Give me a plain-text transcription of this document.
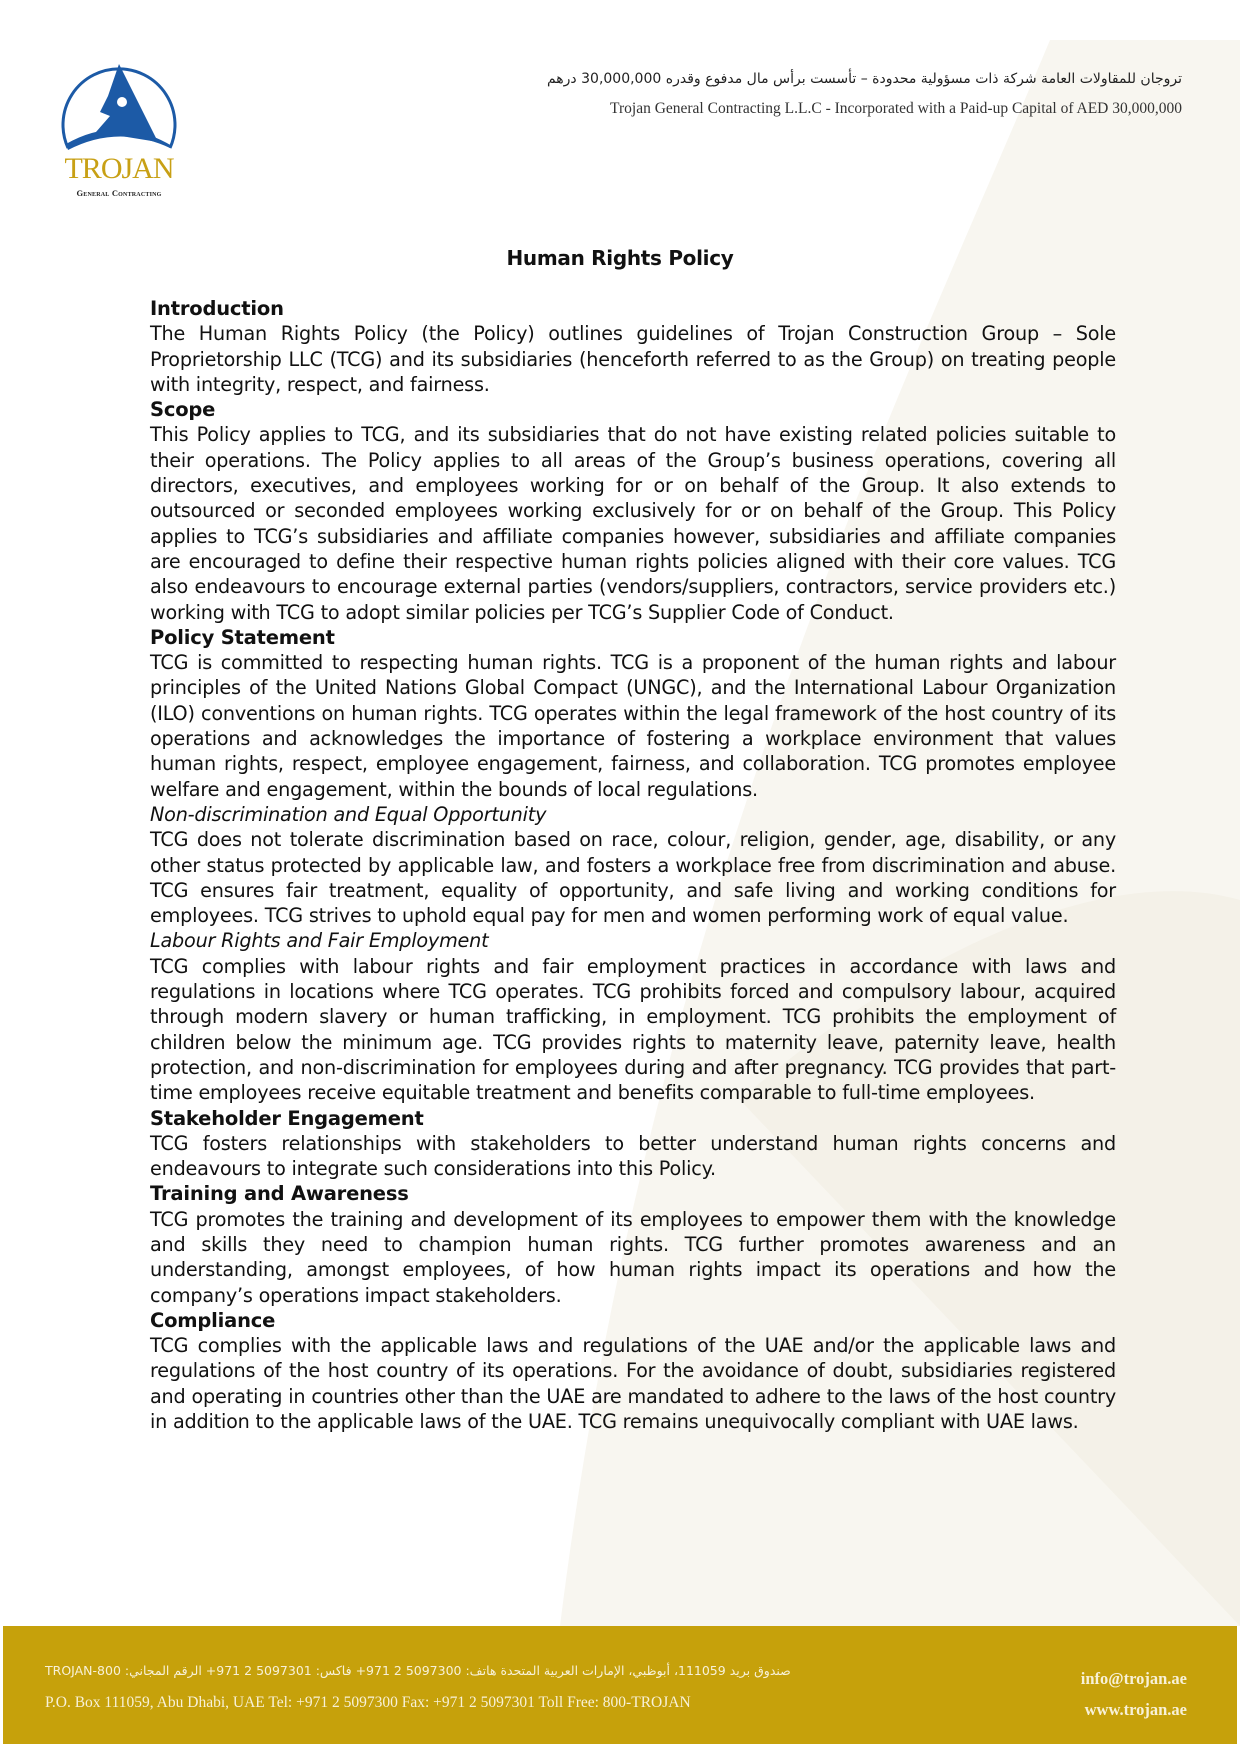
TROJAN
General Contracting
تروجان للمقاولات العامة شركة ذات مسؤولية محدودة – تأسست برأس مال مدفوع وقدره 30,000,000 درهم
Trojan General Contracting L.L.C - Incorporated with a Paid-up Capital of AED 30,000,000
Human Rights Policy
Introduction

The Human Rights Policy (the Policy) outlines guidelines of Trojan Construction Group – Sole Proprietorship LLC (TCG) and its subsidiaries (henceforth referred to as the Group) on treating people with integrity, respect, and fairness.

Scope

This Policy applies to TCG, and its subsidiaries that do not have existing related policies suitable to their operations. The Policy applies to all areas of the Group’s business operations, covering all directors, executives, and employees working for or on behalf of the Group. It also extends to outsourced or seconded employees working exclusively for or on behalf of the Group. This Policy applies to TCG’s subsidiaries and affiliate companies however, subsidiaries and affiliate companies are encouraged to define their respective human rights policies aligned with their core values. TCG also endeavours to encourage external parties (vendors/suppliers, contractors, service providers etc.) working with TCG to adopt similar policies per TCG’s Supplier Code of Conduct.

Policy Statement

TCG is committed to respecting human rights. TCG is a proponent of the human rights and labour principles of the United Nations Global Compact (UNGC), and the International Labour Organization (ILO) conventions on human rights. TCG operates within the legal framework of the host country of its operations and acknowledges the importance of fostering a workplace environment that values human rights, respect, employee engagement, fairness, and collaboration. TCG promotes employee welfare and engagement, within the bounds of local regulations.

Non-discrimination and Equal Opportunity

TCG does not tolerate discrimination based on race, colour, religion, gender, age, disability, or any other status protected by applicable law, and fosters a workplace free from discrimination and abuse. TCG ensures fair treatment, equality of opportunity, and safe living and working conditions for employees. TCG strives to uphold equal pay for men and women performing work of equal value.

Labour Rights and Fair Employment

TCG complies with labour rights and fair employment practices in accordance with laws and regulations in locations where TCG operates. TCG prohibits forced and compulsory labour, acquired through modern slavery or human trafficking, in employment. TCG prohibits the employment of children below the minimum age. TCG provides rights to maternity leave, paternity leave, health protection, and non-discrimination for employees during and after pregnancy. TCG provides that part-time employees receive equitable treatment and benefits comparable to full-time employees.

Stakeholder Engagement

TCG fosters relationships with stakeholders to better understand human rights concerns and endeavours to integrate such considerations into this Policy.

Training and Awareness

TCG promotes the training and development of its employees to empower them with the knowledge and skills they need to champion human rights. TCG further promotes awareness and an understanding, amongst employees, of how human rights impact its operations and how the company’s operations impact stakeholders.

Compliance

TCG complies with the applicable laws and regulations of the UAE and/or the applicable laws and regulations of the host country of its operations. For the avoidance of doubt, subsidiaries registered and operating in countries other than the UAE are mandated to adhere to the laws of the host country in addition to the applicable laws of the UAE. TCG remains unequivocally compliant with UAE laws.

صندوق بريد 111059، أبوظبي، الإمارات العربية المتحدة هاتف: 5097300 2 971+ فاكس: 5097301 2 971+ الرقم المجاني: 800-TROJAN
P.O. Box 111059, Abu Dhabi, UAE Tel: +971 2 5097300 Fax: +971 2 5097301 Toll Free: 800-TROJAN
info@trojan.ae
www.trojan.ae
